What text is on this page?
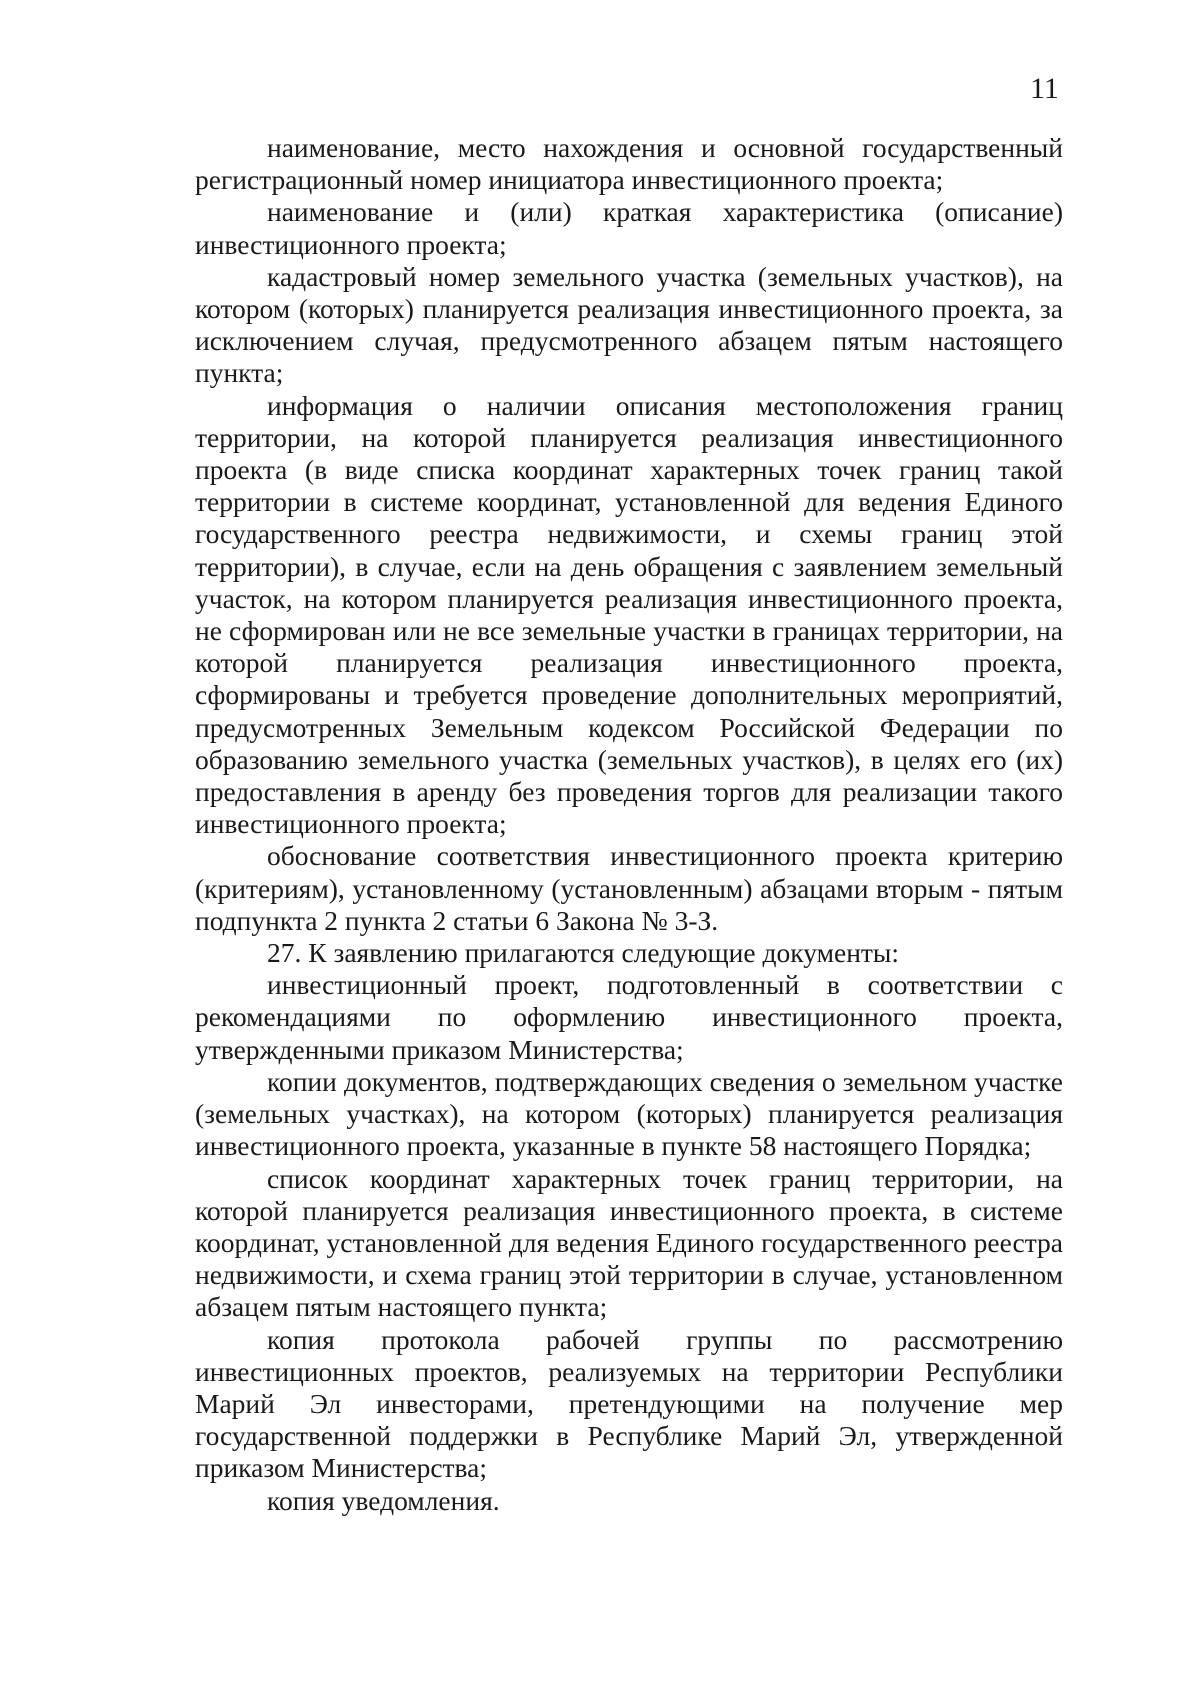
11

наименование, место нахождения и основной государственный регистрационный номер инициатора инвестиционного проекта;

наименование и (или) краткая характеристика (описание) инвестиционного проекта;

кадастровый номер земельного участка (земельных участков), на котором (которых) планируется реализация инвестиционного проекта, за исключением случая, предусмотренного абзацем пятым настоящего пункта;

информация о наличии описания местоположения границ территории, на которой планируется реализация инвестиционного проекта (в виде списка координат характерных точек границ такой территории в системе координат, установленной для ведения Единого государственного реестра недвижимости, и схемы границ этой территории), в случае, если на день обращения с заявлением земельный участок, на котором планируется реализация инвестиционного проекта, не сформирован или не все земельные участки в границах территории, на которой планируется реализация инвестиционного проекта, сформированы и требуется проведение дополнительных мероприятий, предусмотренных Земельным кодексом Российской Федерации по образованию земельного участка (земельных участков), в целях его (их) предоставления в аренду без проведения торгов для реализации такого инвестиционного проекта;

обоснование соответствия инвестиционного проекта критерию (критериям), установленному (установленным) абзацами вторым - пятым подпункта 2 пункта 2 статьи 6 Закона № 3-З.

27. К заявлению прилагаются следующие документы:

инвестиционный проект, подготовленный в соответствии с рекомендациями по оформлению инвестиционного проекта, утвержденными приказом Министерства;

копии документов, подтверждающих сведения о земельном участке (земельных участках), на котором (которых) планируется реализация инвестиционного проекта, указанные в пункте 58 настоящего Порядка;

список координат характерных точек границ территории, на которой планируется реализация инвестиционного проекта, в системе координат, установленной для ведения Единого государственного реестра недвижимости, и схема границ этой территории в случае, установленном абзацем пятым настоящего пункта;

копия протокола рабочей группы по рассмотрению инвестиционных проектов, реализуемых на территории Республики Марий Эл инвесторами, претендующими на получение мер государственной поддержки в Республике Марий Эл, утвержденной приказом Министерства;

копия уведомления.
